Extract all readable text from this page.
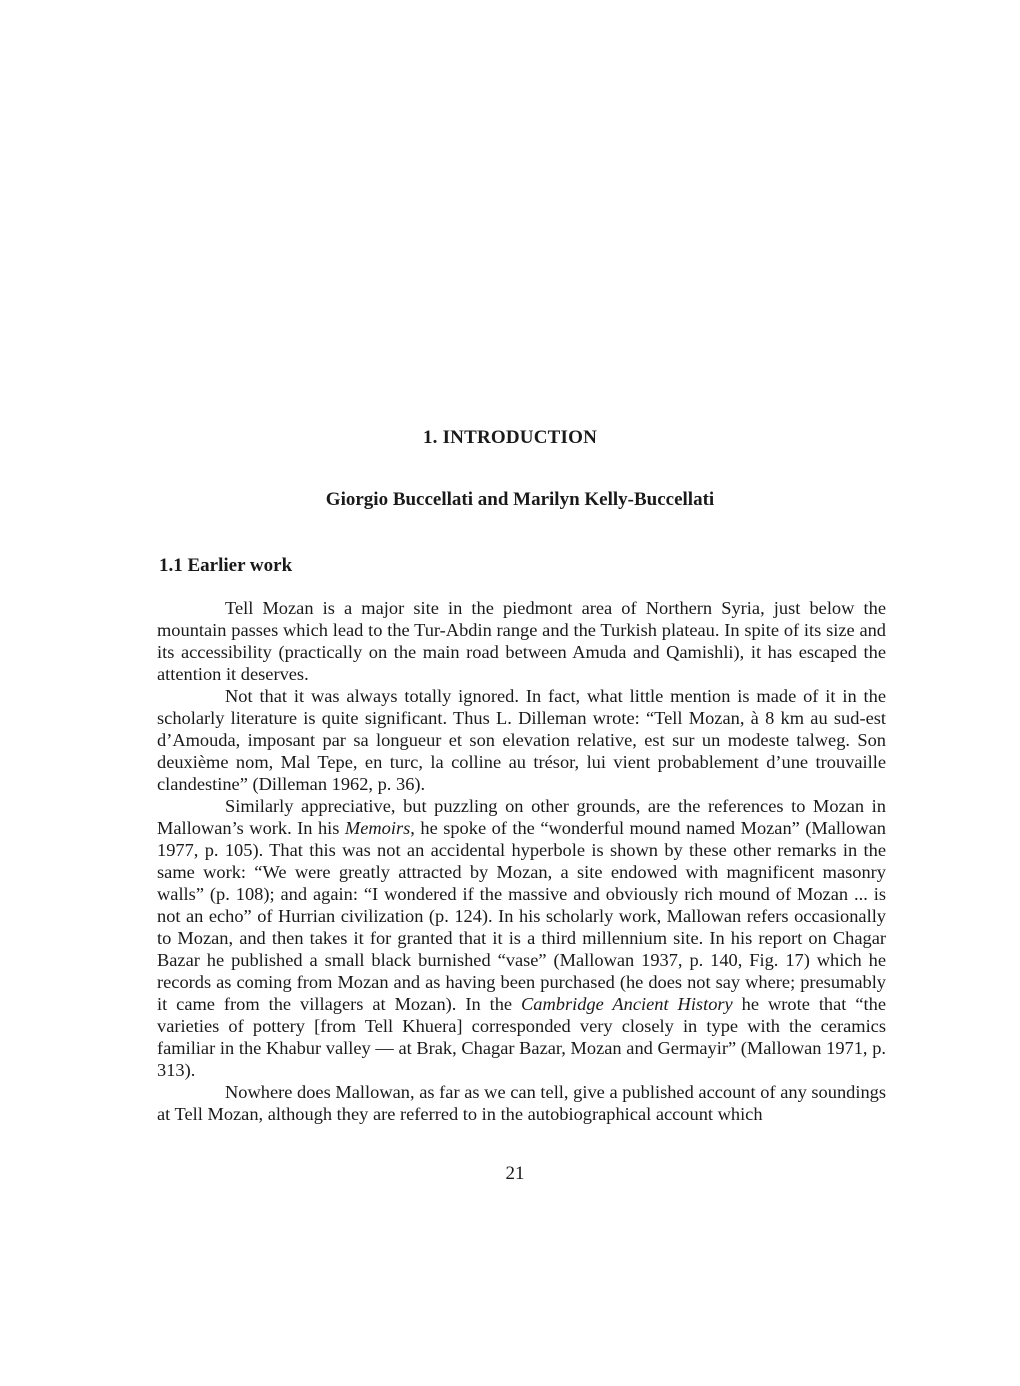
1. INTRODUCTION
Giorgio Buccellati and Marilyn Kelly-Buccellati
1.1 Earlier work

Tell Mozan is a major site in the piedmont area of Northern Syria, just below the mountain passes which lead to the Tur-Abdin range and the Turkish plateau. In spite of its size and its accessibility (practically on the main road between Amuda and Qamishli), it has escaped the attention it deserves.

Not that it was always totally ignored. In fact, what little mention is made of it in the scholarly literature is quite significant. Thus L. Dilleman wrote: “Tell Mozan, à 8 km au sud-est d’Amouda, imposant par sa longueur et son elevation relative, est sur un modeste talweg. Son deuxième nom, Mal Tepe, en turc, la colline au trésor, lui vient probablement d’une trouvaille clandestine” (Dilleman 1962, p. 36).

Similarly appreciative, but puzzling on other grounds, are the references to Mozan in Mallowan’s work. In his Memoirs, he spoke of the “wonderful mound named Mozan” (Mallowan 1977, p. 105). That this was not an accidental hyperbole is shown by these other remarks in the same work: “We were greatly attracted by Mozan, a site endowed with magnificent masonry walls” (p. 108); and again: “I wondered if the massive and obviously rich mound of Mozan ... is not an echo” of Hurrian civilization (p. 124). In his scholarly work, Mallowan refers occasionally to Mozan, and then takes it for granted that it is a third millennium site. In his report on Chagar Bazar he published a small black burnished “vase” (Mallowan 1937, p. 140, Fig. 17) which he records as coming from Mozan and as having been purchased (he does not say where; presumably it came from the villagers at Mozan). In the Cambridge Ancient History he wrote that “the varieties of pottery [from Tell Khuera] corresponded very closely in type with the ceramics familiar in the Khabur valley — at Brak, Chagar Bazar, Mozan and Germayir” (Mallowan 1971, p. 313).

Nowhere does Mallowan, as far as we can tell, give a published account of any soundings at Tell Mozan, although they are referred to in the autobiographical account which

21
